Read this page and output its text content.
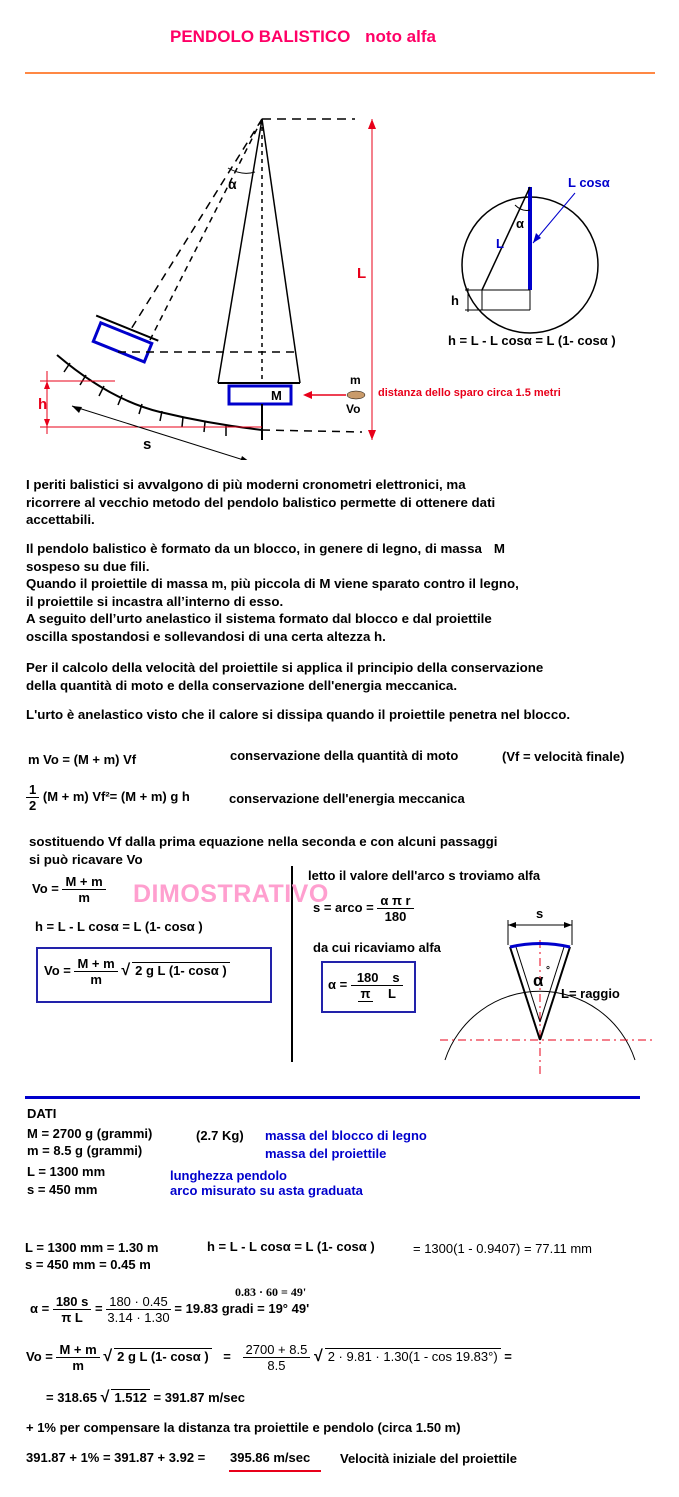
PENDOLO BALISTICO noto alfa
α
L
h
s
M
m
Vo
distanza dello sparo circa 1.5 metri
L cosα
α
L
h
h = L - L cosα = L (1- cosα )
I periti balistici si avvalgono di più moderni cronometri elettronici, ma
ricorrere al vecchio metodo del pendolo balistico permette di ottenere dati
accettabili.
Il pendolo balistico è formato da un blocco, in genere di legno, di massa M
sospeso su due fili.
Quando il proiettile di massa m, più piccola di M viene sparato contro il legno,
il proiettile si incastra all’interno di esso.
A seguito dell’urto anelastico il sistema formato dal blocco e dal proiettile
oscilla spostandosi e sollevandosi di una certa altezza h.
Per il calcolo della velocità del proiettile si applica il principio della conservazione
della quantità di moto e della conservazione dell'energia meccanica.
L'urto è anelastico visto che il calore si dissipa quando il proiettile penetra nel blocco.
m Vo = (M + m) Vf	conservazione della quantità di moto	(Vf = velocità finale)
$\frac{1}{2} (M + m)$ Vf²= (M + m) g h	conservazione dell'energia meccanica
sostituendo Vf dalla prima equazione nella seconda e con alcuni passaggi
si può ricavare Vo
$Vo = \frac{M + m}{m}$
h = L - L cosα = L (1- cosα )
$Vo = \frac{M + m}{m}$ √ 2 g L (1- cosα )
letto il valore dell'arco s troviamo alfa
s = arco = $\frac{\text{α π r}}{180}$
da cui ricaviamo alfa
$\alpha = \frac{180 s}{\text{π L}}$
DIMOSTRATIVO
s
α
°
L= raggio
DATI
M = 2700 g (grammi)	(2.7 Kg) massa del blocco di legno
m = 8.5 g (grammi)	massa del proiettile
L = 1300 mm	lunghezza pendolo
s = 450 mm	arco misurato su asta graduata
L = 1300 mm = 1.30 m	h = L - L cosα = L (1- cosα )	= 1300(1 - 0.9407) = 77.11 mm
s = 450 mm = 0.45 m
0.83 · 60 = 49'
$\alpha = \frac{180 s}{\text{π L}} = \frac{180 \cdot 0.45}{3.14 \cdot 1.30} = 19.83$ gradi = 19° 49'
$Vo = \frac{M + m}{m}$ √ 2 g L (1- cosα ) = $\frac{2700 + 8.5}{8.5}$ √ 2 · 9.81 · 1.30(1 - cos 19.83°) =
= 318.65 √ 1.512 = 391.87 m/sec
+ 1% per compensare la distanza tra proiettile e pendolo (circa 1.50 m)
391.87 + 1% = 391.87 + 3.92 = 395.86 m/sec Velocità iniziale del proiettile
